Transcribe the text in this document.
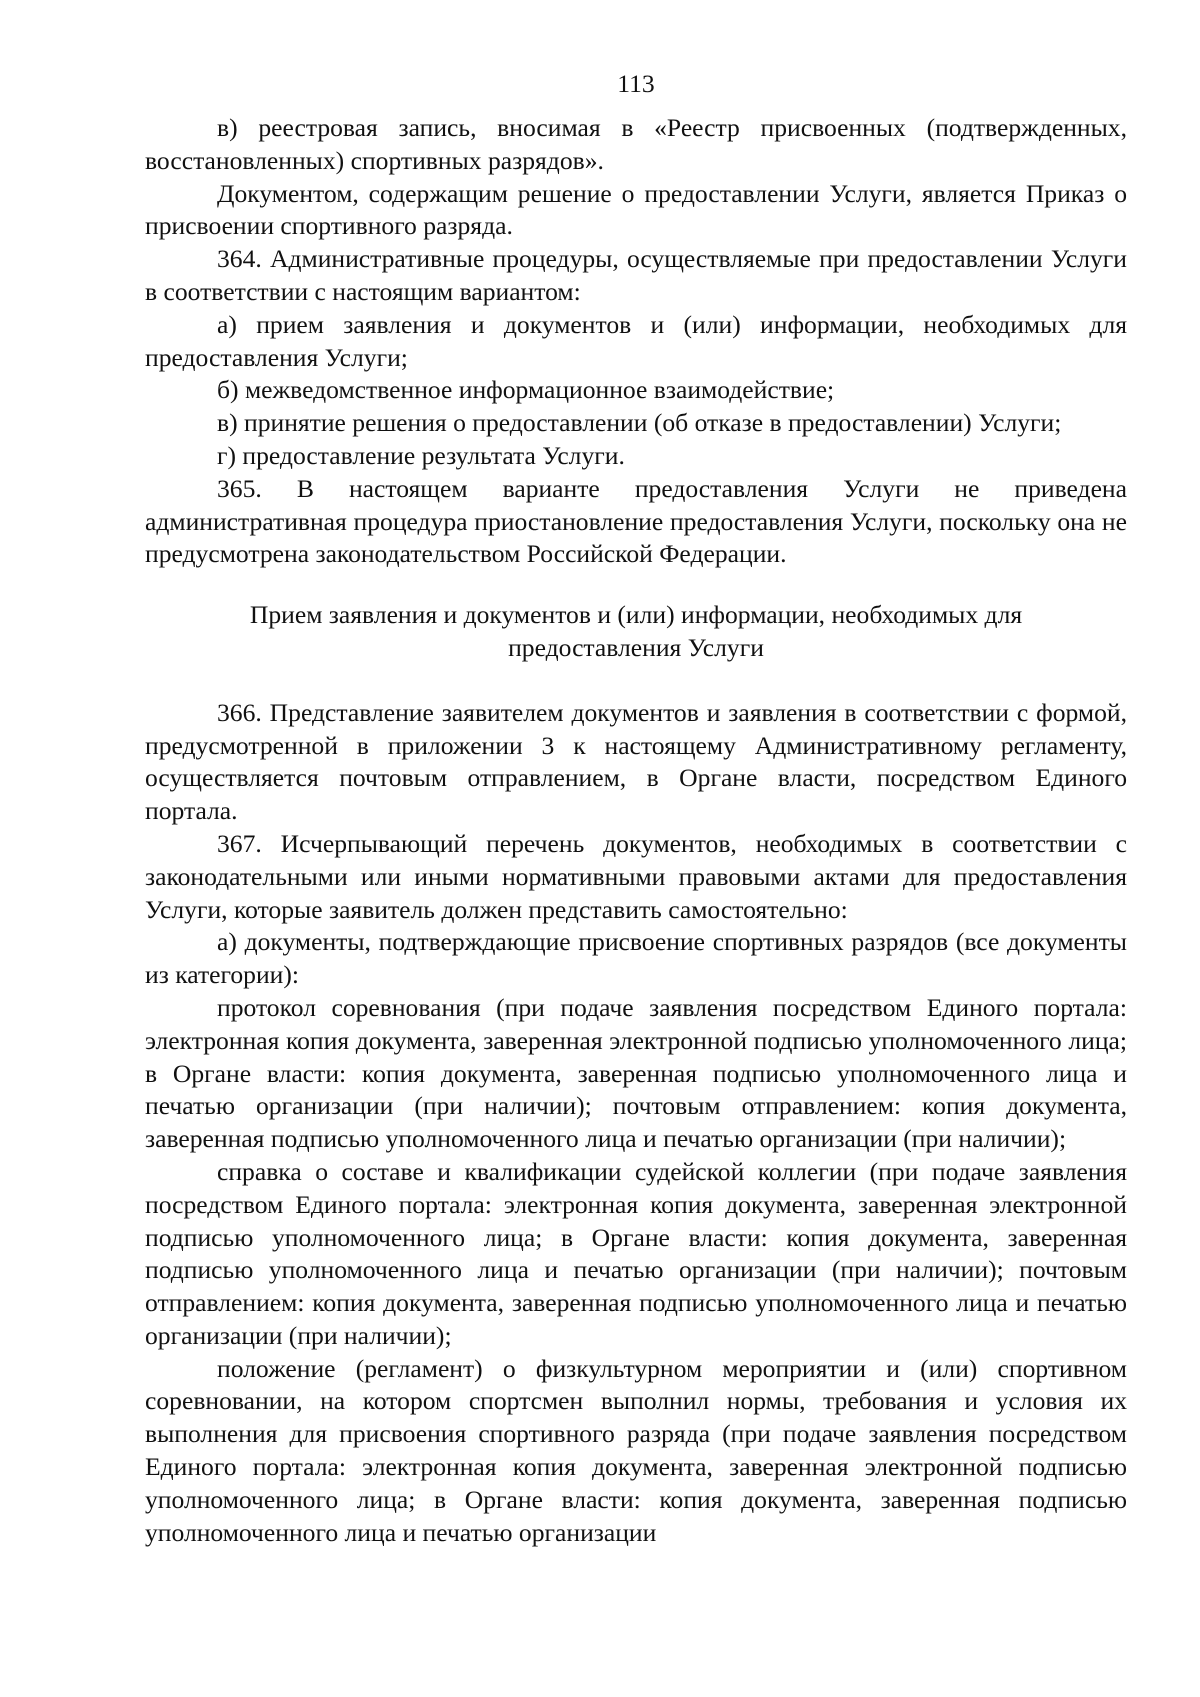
113

в) реестровая запись, вносимая в «Реестр присвоенных (подтвержденных, восстановленных) спортивных разрядов».

Документом, содержащим решение о предоставлении Услуги, является Приказ о присвоении спортивного разряда.

364. Административные процедуры, осуществляемые при предоставлении Услуги в соответствии с настоящим вариантом:

а) прием заявления и документов и (или) информации, необходимых для предоставления Услуги;

б) межведомственное информационное взаимодействие;

в) принятие решения о предоставлении (об отказе в предоставлении) Услуги;

г) предоставление результата Услуги.

365. В настоящем варианте предоставления Услуги не приведена административная процедура приостановление предоставления Услуги, поскольку она не предусмотрена законодательством Российской Федерации.

Прием заявления и документов и (или) информации, необходимых для
предоставления Услуги

366. Представление заявителем документов и заявления в соответствии с формой, предусмотренной в приложении 3 к настоящему Административному регламенту, осуществляется почтовым отправлением, в Органе власти, посредством Единого портала.

367. Исчерпывающий перечень документов, необходимых в соответствии с законодательными или иными нормативными правовыми актами для предоставления Услуги, которые заявитель должен представить самостоятельно:

а) документы, подтверждающие присвоение спортивных разрядов (все документы из категории):

протокол соревнования (при подаче заявления посредством Единого портала: электронная копия документа, заверенная электронной подписью уполномоченного лица; в Органе власти: копия документа, заверенная подписью уполномоченного лица и печатью организации (при наличии); почтовым отправлением: копия документа, заверенная подписью уполномоченного лица и печатью организации (при наличии);

справка о составе и квалификации судейской коллегии (при подаче заявления посредством Единого портала: электронная копия документа, заверенная электронной подписью уполномоченного лица; в Органе власти: копия документа, заверенная подписью уполномоченного лица и печатью организации (при наличии); почтовым отправлением: копия документа, заверенная подписью уполномоченного лица и печатью организации (при наличии);

положение (регламент) о физкультурном мероприятии и (или) спортивном соревновании, на котором спортсмен выполнил нормы, требования и условия их выполнения для присвоения спортивного разряда (при подаче заявления посредством Единого портала: электронная копия документа, заверенная электронной подписью уполномоченного лица; в Органе власти: копия документа, заверенная подписью уполномоченного лица и печатью организации
